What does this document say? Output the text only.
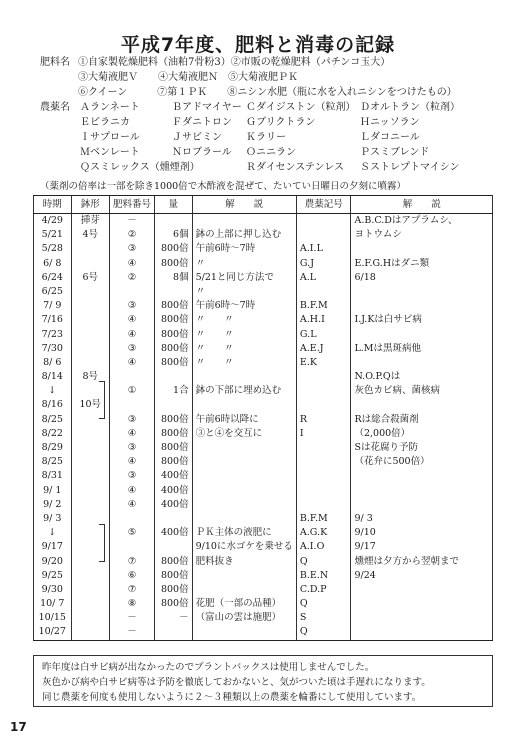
平成7年度、肥料と消毒の記録
肥料名 ①自家製乾燥肥料（油粕7骨粉3）②市販の乾燥肥料（パチンコ玉大）
③大菊液肥Ｖ　　④大菊液肥Ｎ　⑤大菊液肥ＰＫ
⑥クイーン　　　⑦第１ＰＫ　　⑧ニシン水肥（瓶に水を入れニシンをつけたもの）
農薬名 Ａランネート	Ｂアドマイヤー Ｃダイジストン（粒剤） Ｄオルトラン（粒剤）
Ｅピラニカ	Ｆダニトロン Ｇブリクトラン	Ｈニッソラン
Ｉサプロール	Ｊサビミン Ｋラリー	Ｌダコニール
Ｍベンレート	Ｎロブラール Ｏニニラン	Ｐスミブレンド
Ｑスミレックス（燻煙剤）	Ｒダイセンステンレス Ｓストレプトマイシン
（薬剤の倍率は一部を除き1000倍で木酢液を混ぜて、たいてい日曜日の夕刻に噴霧）
時期	鉢形	肥料番号	量	解　　説	農薬記号	解　　説
4/29	挿芽	－				A.B.C.Dはアプラムシ、
5/21	4号	②	6個	鉢の上部に押し込む		ヨトウムシ
5/28		③	800倍	午前6時～7時	A.I.L	
6/ 8		④	800倍	〃	G.J	E.F.G.Hはダニ類
6/24	6号	②	8個	5/21と同じ方法で	A.L	6/18
6/25				〃		
7/ 9		③	800倍	午前6時～7時	B.F.M	
7/16		④	800倍	〃　　〃	A.H.I	I.J.Kは白サビ病
7/23		④	800倍	〃　　〃	G.L	
7/30		③	800倍	〃　　〃	A.E.J	L.Mは黒斑病他
8/ 6		④	800倍	〃　　〃	E.K	
8/14	8号					N.O.P.Qは
↓		①	1合	鉢の下部に埋め込む		灰色カビ病、菌核病
8/16	10号					
8/25		③	800倍	午前6時以降に	R	Rは総合殺菌剤
8/22		④	800倍	③と④を交互に	I	（2,000倍）
8/29		③	800倍			Sは花腐り予防
8/25		④	800倍			（花弁に500倍）
8/31		③	400倍			
9/ 1		④	400倍			
9/ 2		④	400倍			
9/ 3					B.F.M	9/ 3
↓		⑤	400倍	ＰＫ主体の液肥に	A.G.K	9/10
9/17				9/10に水ゴケを乗せる	A.I.O	9/17
9/20		⑦	800倍	肥料抜き	Q	燻煙は夕方から翌朝まで
9/25		⑥	800倍		B.E.N	9/24
9/30		⑦	800倍		C.D.P	
10/ 7		⑧	800倍	花肥（一部の品種）	Q	
10/15		－	－	（富山の雲は施肥）	S	
10/27		－			Q	
昨年度は白サビ病が出なかったのでプラントバックスは使用しませんでした。
灰色かび病や白サビ病等は予防を徹底しておかないと、気がついた頃は手遅れになります。
同じ農薬を何度も使用しないように２～３種類以上の農薬を輪番にして使用しています。
17
